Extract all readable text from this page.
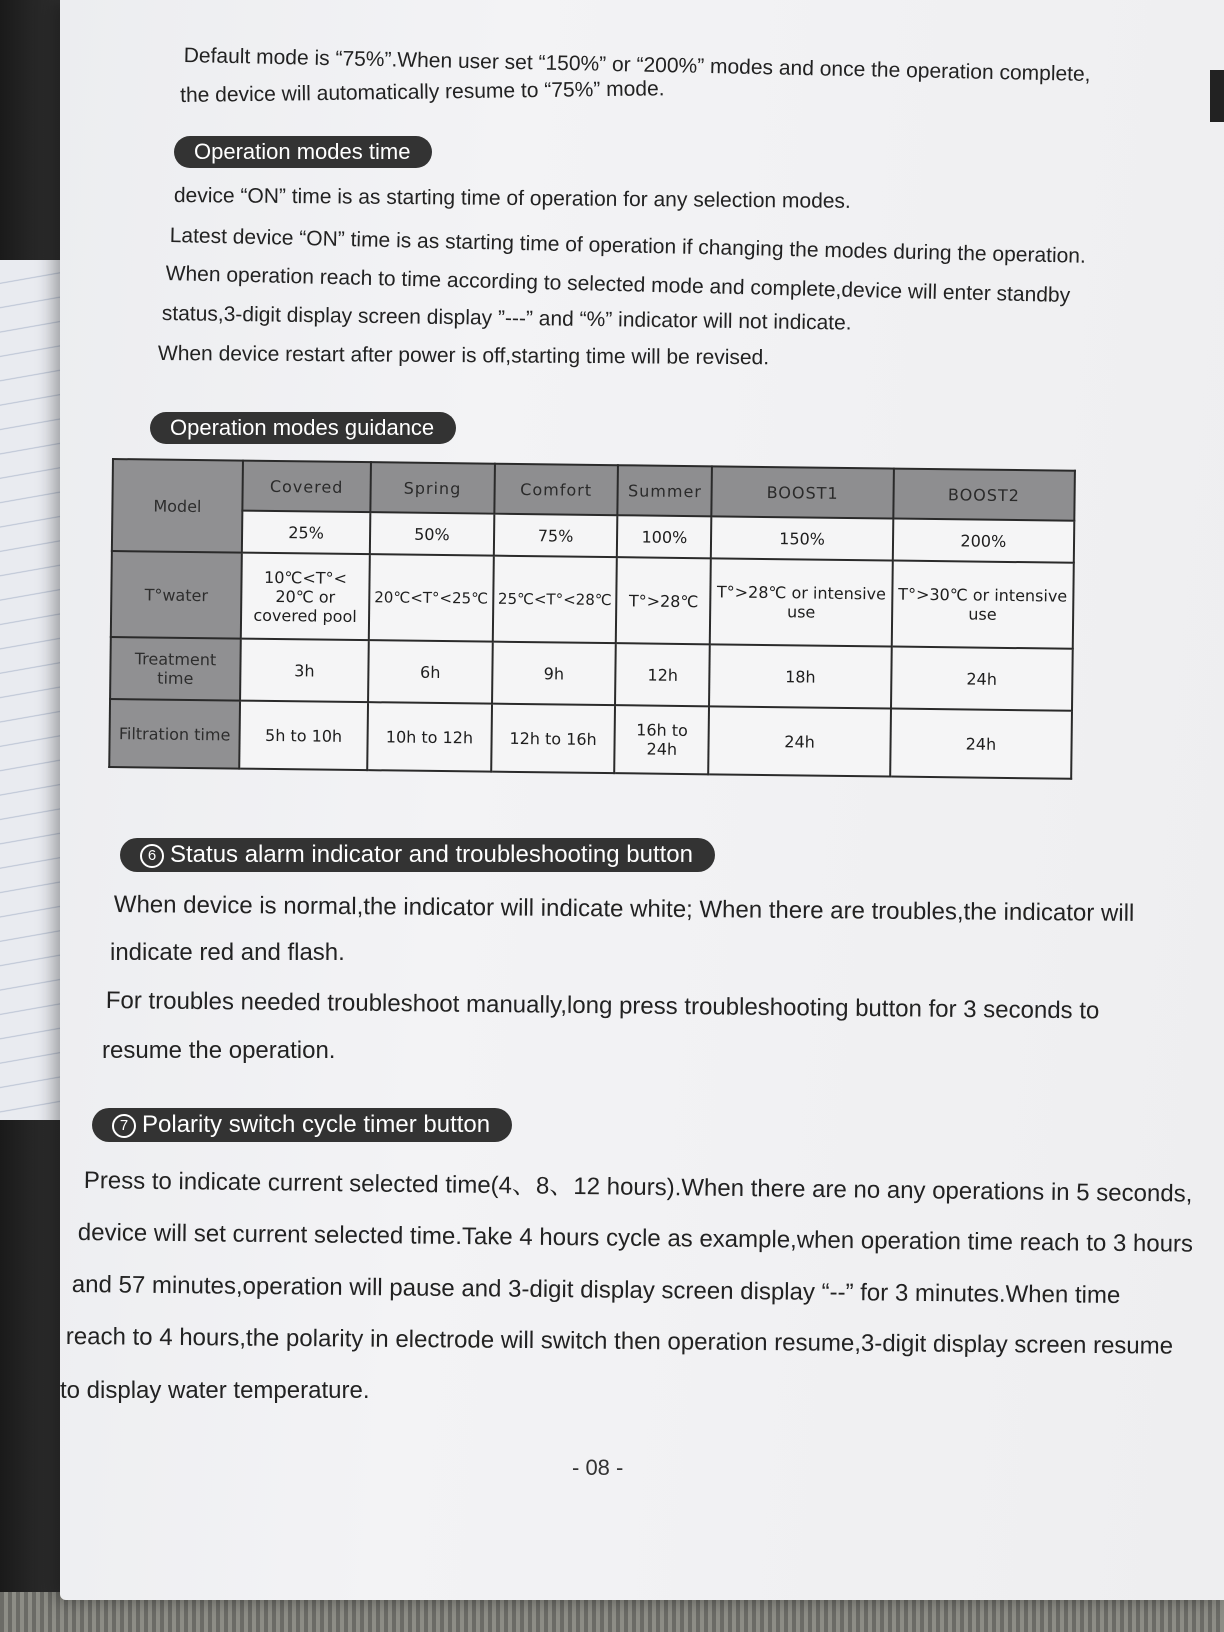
Default mode is “75%”.When user set “150%” or “200%” modes and once the operation complete,
the device will automatically resume to “75%” mode.
Operation modes time
device “ON” time is as starting time of operation for any selection modes.
Latest device “ON” time is as starting time of operation if changing the modes during the operation.
When operation reach to time according to selected mode and complete,device will enter standby
status,3-digit display screen display ”---” and “%” indicator will not indicate.
When device restart after power is off,starting time will be revised.
Operation modes guidance
Model	Covered	Spring	Comfort	Summer	BOOST1	BOOST2
	25%	50%	75%	100%	150%	200%
T°water	10℃<T°< 20℃ or covered pool	20℃<T°<25℃	25℃<T°<28℃	T°>28℃	T°>28℃ or intensive use	T°>30℃ or intensive use
Treatment time	3h	6h	9h	12h	18h	24h
Filtration time	5h to 10h	10h to 12h	12h to 16h	16h to 24h	24h	24h
6 Status alarm indicator and troubleshooting button
When device is normal,the indicator will indicate white; When there are troubles,the indicator will
indicate red and flash.
For troubles needed troubleshoot manually,long press troubleshooting button for 3 seconds to
resume the operation.
7 Polarity switch cycle timer button
Press to indicate current selected time(4、8、12 hours).When there are no any operations in 5 seconds,
device will set current selected time.Take 4 hours cycle as example,when operation time reach to 3 hours
and 57 minutes,operation will pause and 3-digit display screen display “--” for 3 minutes.When time
reach to 4 hours,the polarity in electrode will switch then operation resume,3-digit display screen resume
to display water temperature.
- 08 -
